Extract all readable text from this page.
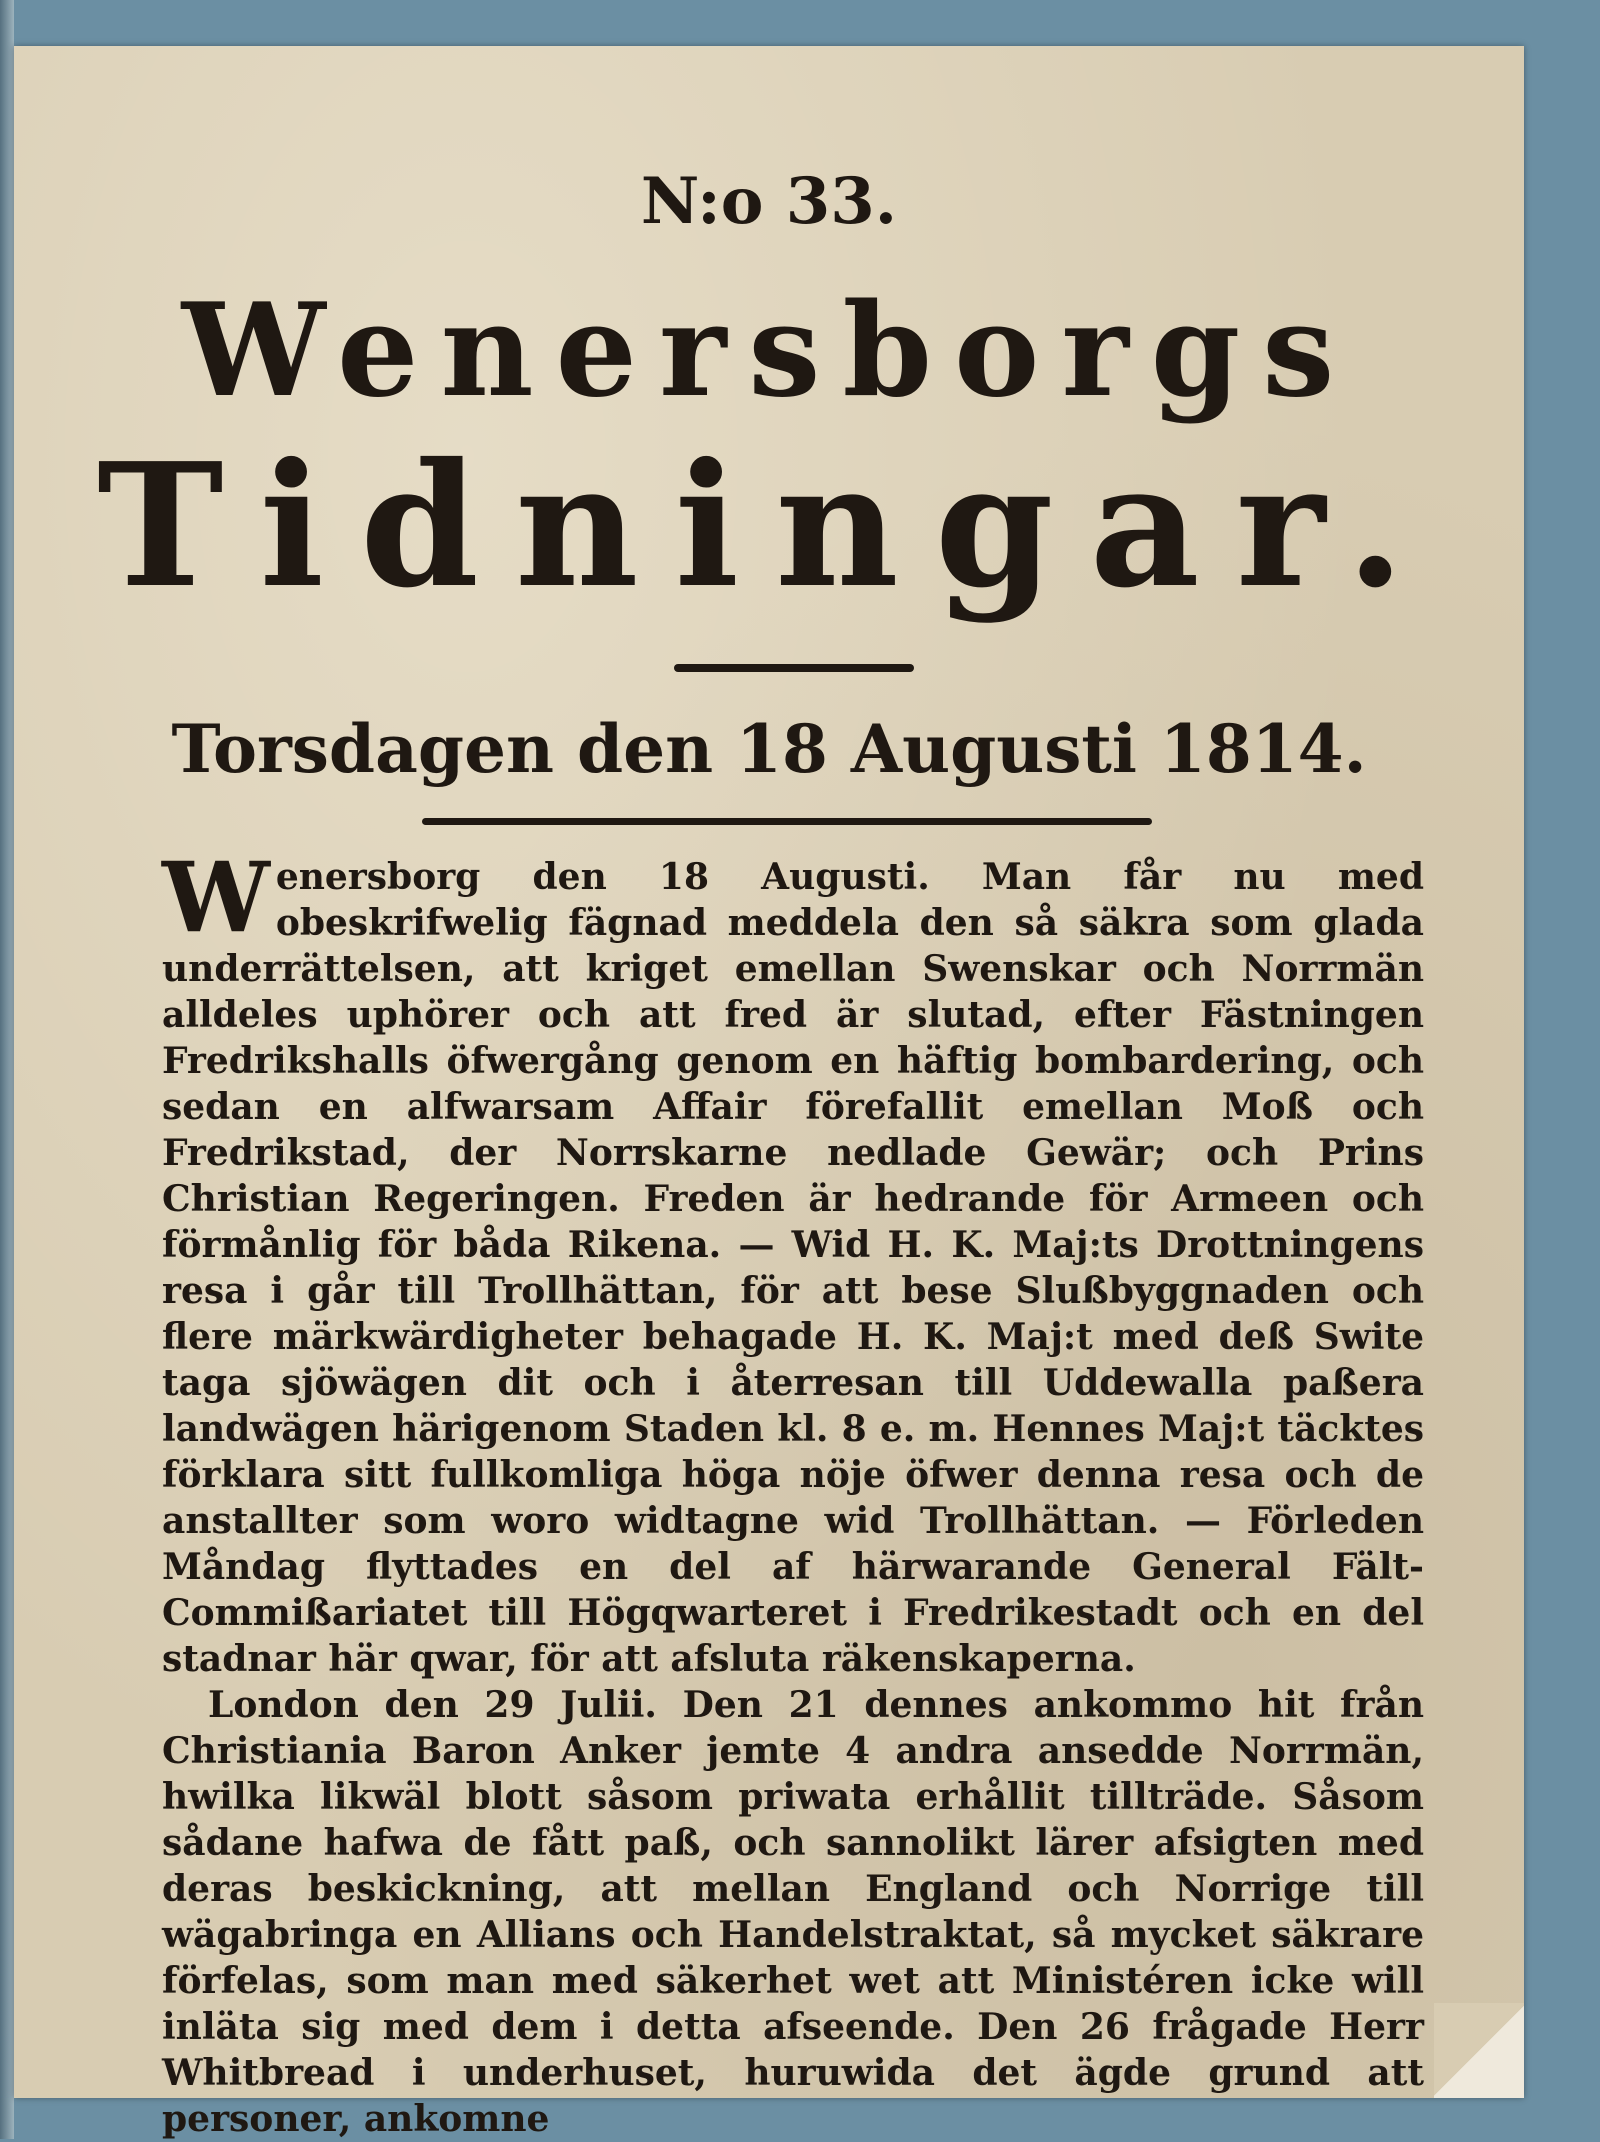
N:o 33.
Wenersborgs
Tidningar.
Torsdagen den 18 Augusti 1814.

Wenersborg den 18 Augusti. Man får nu med obeskrifwelig fägnad meddela den så säkra som glada underrättelsen, att kriget emellan Swenskar och Norrmän alldeles uphörer och att fred är slutad, efter Fästningen Fredrikshalls öfwergång genom en häftig bombardering, och sedan en alfwarsam Affair förefallit emellan Moß och Fredrikstad, der Norrskarne nedlade Gewär; och Prins Christian Regeringen. Freden är hedrande för Armeen och förmånlig för båda Rikena. — Wid H. K. Maj:ts Drottningens resa i går till Trollhättan, för att bese Slußbyggnaden och flere märkwärdigheter behagade H. K. Maj:t med deß Swite taga sjöwägen dit och i återresan till Uddewalla paßera landwägen härigenom Staden kl. 8 e. m. Hennes Maj:t täcktes förklara sitt fullkomliga höga nöje öfwer denna resa och de anstallter som woro widtagne wid Trollhättan. — Förleden Måndag flyttades en del af härwarande General Fält-Commißariatet till Högqwarteret i Fredrikestadt och en del stadnar här qwar, för att afsluta räkenskaperna.

London den 29 Julii. Den 21 dennes ankommo hit från Christiania Baron Anker jemte 4 andra ansedde Norrmän, hwilka likwäl blott såsom priwata erhållit tillträde. Såsom sådane hafwa de fått paß, och sannolikt lärer afsigten med deras beskickning, att mellan England och Norrige till wägabringa en Allians och Handelstraktat, så mycket säkrare förfelas, som man med säkerhet wet att Ministéren icke will inläta sig med dem i detta afseende. Den 26 frågade Herr Whitbread i underhuset, huruwida det ägde grund att personer, ankomne
